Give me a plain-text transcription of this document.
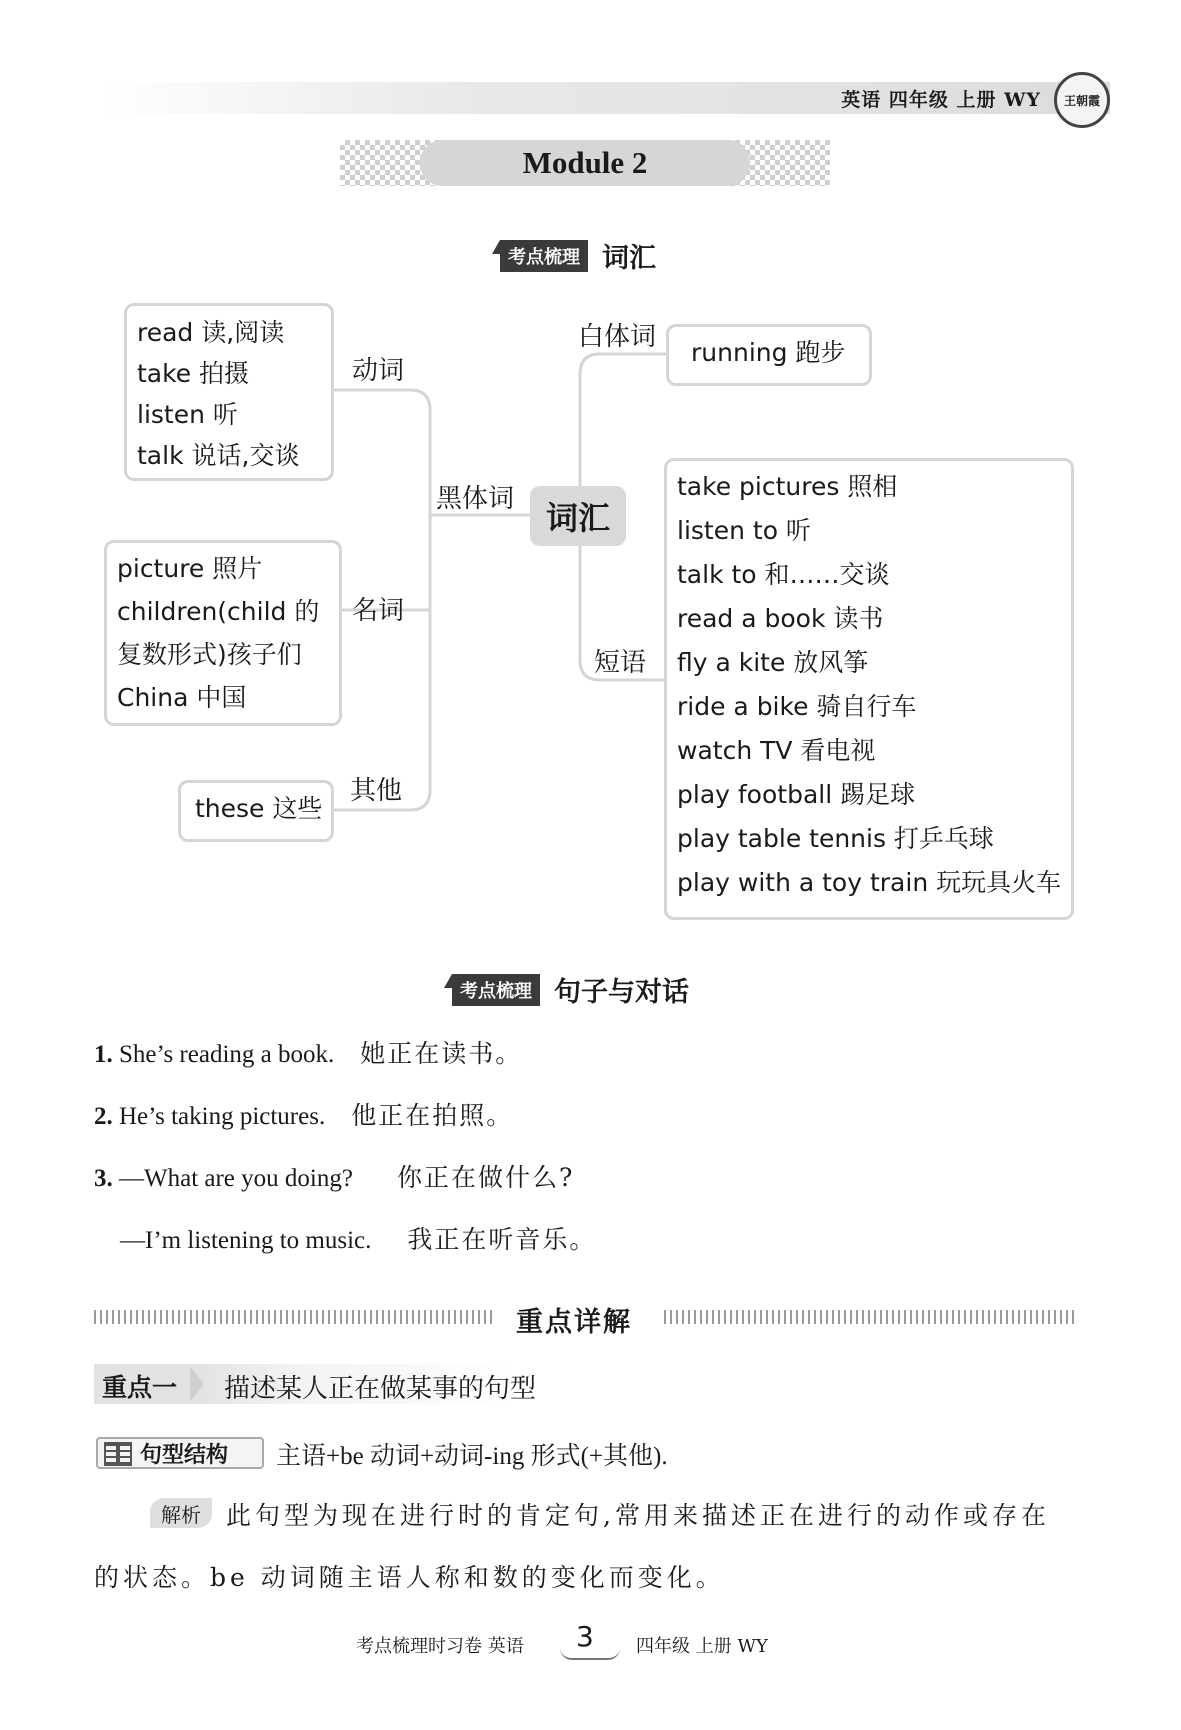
英语 四年级 上册 WY 王朝霞
Module 2
考点梳理 词汇
read 读,阅读
take 拍摄
listen 听
talk 说话,交谈
动词
picture 照片
children(child 的
复数形式)孩子们
China 中国
名词
these 这些
其他
黑体词 词汇
白体词
running 跑步
短语
take pictures 照相
listen to 听
talk to 和……交谈
read a book 读书
fly a kite 放风筝
ride a bike 骑自行车
watch TV 看电视
play football 踢足球
play table tennis 打乒乓球
play with a toy train 玩玩具火车
考点梳理 句子与对话
1. She’s reading a book. 她正在读书。
2. He’s taking pictures. 他正在拍照。
3. —What are you doing? 你正在做什么?
—I’m listening to music. 我正在听音乐。
重点详解
重点一 描述某人正在做某事的句型
句型结构 主语+be 动词+动词-ing 形式(+其他).
解析 此句型为现在进行时的肯定句,常用来描述正在进行的动作或存在
的状态。be 动词随主语人称和数的变化而变化。
考点梳理时习卷 英语 3 四年级 上册 WY
